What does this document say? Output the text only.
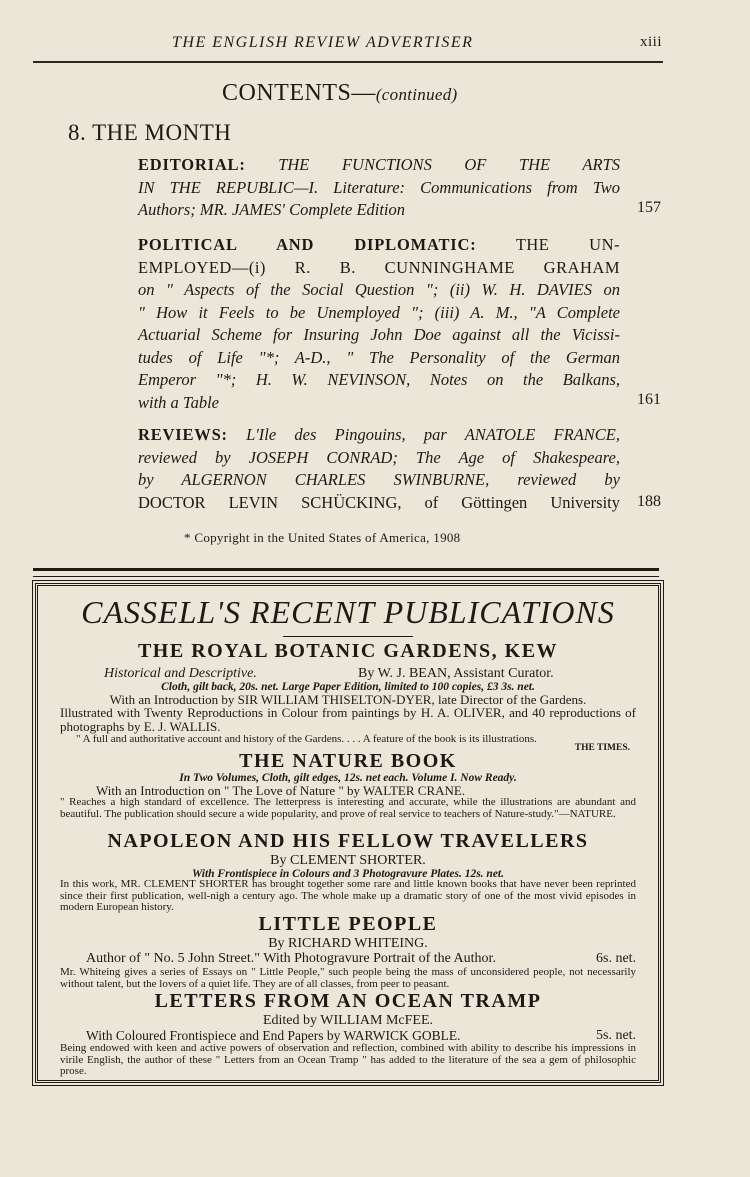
THE ENGLISH REVIEW ADVERTISER	xiii
CONTENTS—(continued)
8. THE MONTH
EDITORIAL: THE FUNCTIONS OF THE ARTS
IN THE REPUBLIC—I. Literature: Communications from Two
Authors; MR. JAMES' Complete Edition	157
POLITICAL AND DIPLOMATIC: THE UN-
EMPLOYED—(i) R. B. CUNNINGHAME GRAHAM
on " Aspects of the Social Question "; (ii) W. H. DAVIES on
" How it Feels to be Unemployed "; (iii) A. M., "A Complete
Actuarial Scheme for Insuring John Doe against all the Vicissi-
tudes of Life "*; A-D., " The Personality of the German
Emperor "*; H. W. NEVINSON, Notes on the Balkans,
with a Table	161
REVIEWS: L'Ile des Pingouins, par ANATOLE FRANCE,
reviewed by JOSEPH CONRAD; The Age of Shakespeare,
by ALGERNON CHARLES SWINBURNE, reviewed by
DOCTOR LEVIN SCHÜCKING, of Göttingen University 188
* Copyright in the United States of America, 1908
CASSELL'S RECENT PUBLICATIONS
THE ROYAL BOTANIC GARDENS, KEW
Historical and Descriptive.	By W. J. BEAN, Assistant Curator.
Cloth, gilt back, 20s. net. Large Paper Edition, limited to 100 copies, £3 3s. net.
With an Introduction by SIR WILLIAM THISELTON-DYER, late Director of the Gardens.
Illustrated with Twenty Reproductions in Colour from paintings by H. A. OLIVER, and 40 reproductions of photographs by E. J. WALLIS.
" A full and authoritative account and history of the Gardens. . . . A feature of the book is its illustrations.
THE TIMES.
THE NATURE BOOK
In Two Volumes, Cloth, gilt edges, 12s. net each. Volume I. Now Ready.
With an Introduction on " The Love of Nature " by WALTER CRANE.
" Reaches a high standard of excellence. The letterpress is interesting and accurate, while the illustrations are abundant and beautiful. The publication should secure a wide popularity, and prove of real service to teachers of Nature-study."—NATURE.
NAPOLEON AND HIS FELLOW TRAVELLERS
By CLEMENT SHORTER.
With Frontispiece in Colours and 3 Photogravure Plates. 12s. net.
In this work, MR. CLEMENT SHORTER has brought together some rare and little known books that have never been reprinted since their first publication, well-nigh a century ago. The whole make up a dramatic story of one of the most vivid episodes in modern European history.
LITTLE PEOPLE
By RICHARD WHITEING.
Author of " No. 5 John Street." With Photogravure Portrait of the Author.	6s. net.
Mr. Whiteing gives a series of Essays on " Little People," such people being the mass of unconsidered people, not necessarily without talent, but the lovers of a quiet life. They are of all classes, from peer to peasant.
LETTERS FROM AN OCEAN TRAMP
Edited by WILLIAM McFEE.
With Coloured Frontispiece and End Papers by WARWICK GOBLE.	5s. net.
Being endowed with keen and active powers of observation and reflection, combined with ability to describe his impressions in virile English, the author of these " Letters from an Ocean Tramp " has added to the literature of the sea a gem of philosophic prose.
